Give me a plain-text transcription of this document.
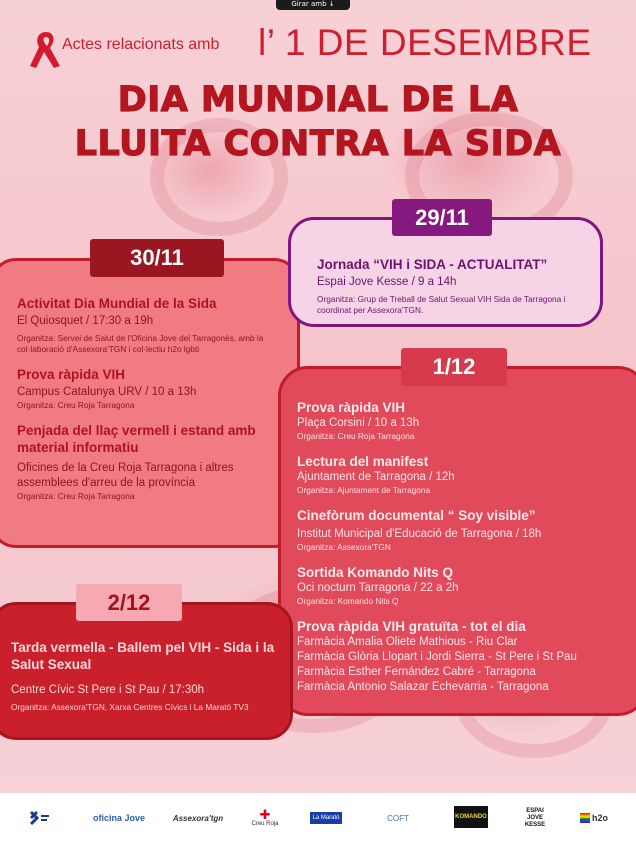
Girar amb ↓
Actes relacionats amb l’ 1 DE DESEMBRE
DIA MUNDIAL DE LA
LLUITA CONTRA LA SIDA
Activitat Dia Mundial de la Sida
El Quiosquet / 17:30 a 19h
Organitza: Servei de Salut de l'Oficina Jove del Tarragonès, amb la col·laboració d'Assexora'TGN i col·lectiu h2o lgbti
Prova ràpida VIH
Campus Catalunya URV / 10 a 13h
Organitza: Creu Roja Tarragona
Penjada del llaç vermell i estand amb material informatiu
Oficines de la Creu Roja Tarragona i altres assemblees d'arreu de la província
Organitza: Creu Roja Tarragona
30/11	Jornada “VIH i SIDA - ACTUALITAT”
Espai Jove Kesse / 9 a 14h
Organitza: Grup de Treball de Salut Sexual VIH Sida de Tarragona i coordinat per Assexora'TGN.
29/11
Prova ràpida VIH
Plaça Corsini / 10 a 13h
Organitza: Creu Roja Tarragona
Lectura del manifest
Ajuntament de Tarragona / 12h
Organitza: Ajuntament de Tarragona
Cinefòrum documental “ Soy visible”
Institut Municipal d'Educació de Tarragona / 18h
Organitza: Assexora'TGN
Sortida Komando Nits Q
Oci nocturn Tarragona / 22 a 2h
Organitza: Komando Nits Q
Prova ràpida VIH gratuïta - tot el dia
Farmàcia Amalia Oliete Mathious - Riu Clar
Farmàcia Glòria Llopart i Jordi Sierra - St Pere i St Pau
Farmàcia Esther Fernández Cabré - Tarragona
Farmàcia Antonio Salazar Echevarria - Tarragona
1/12
Tarda vermella - Ballem pel VIH - Sida i la Salut Sexual
Centre Cívic St Pere i St Pau / 17:30h
Organitza: Assexora'TGN, Xarxa Centres Cívics i La Marató TV3
2/12
oficina Jove	Assexora'tgn	✚
Creu Roja
La Marató	COFT	KOMANDO
ESPAI JOVE KESSE
h2o
